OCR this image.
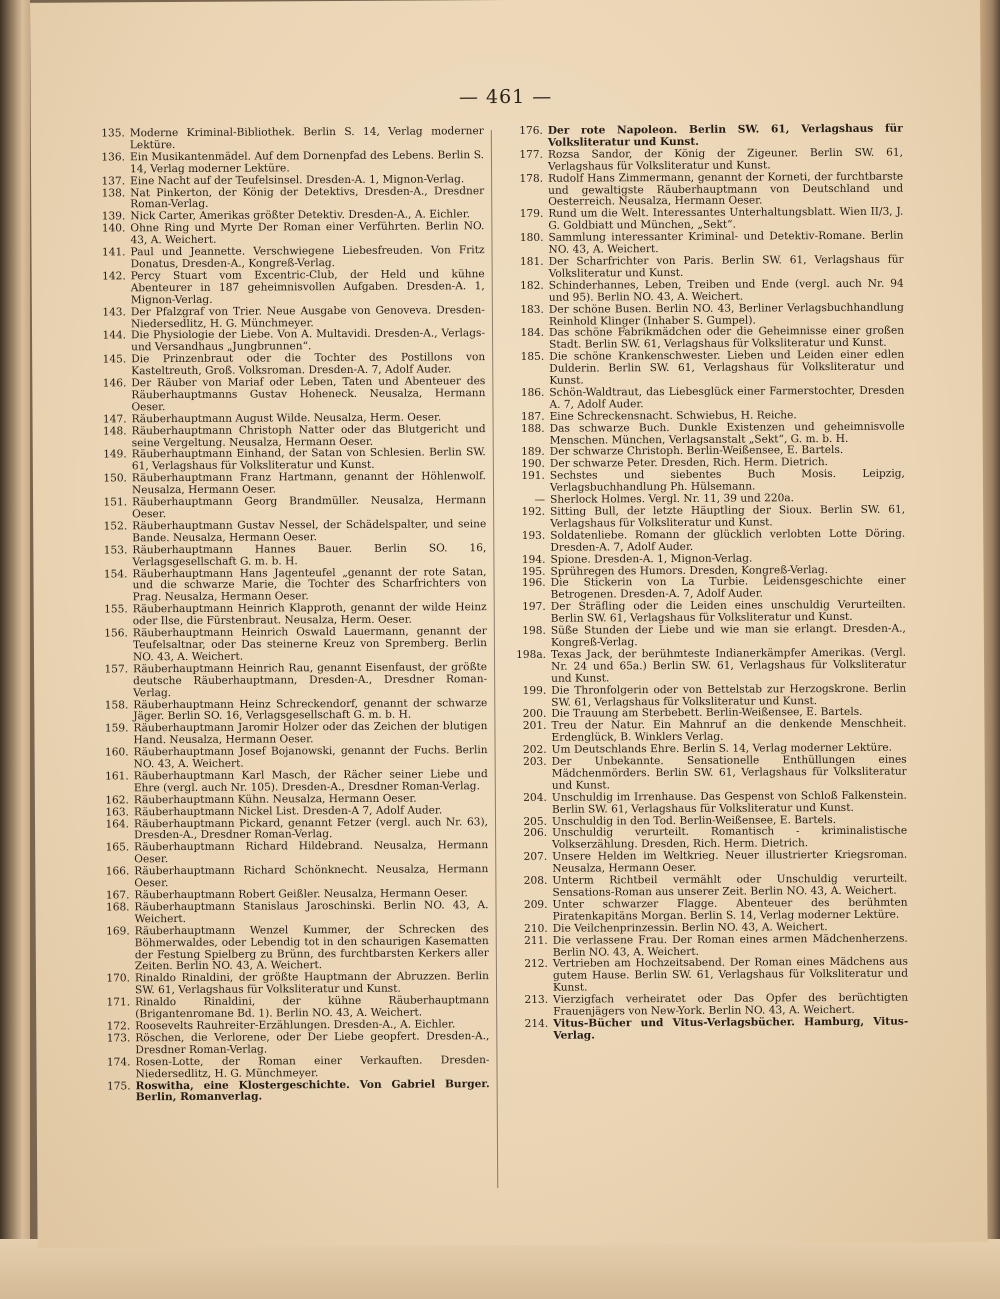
— 461 —
135. Moderne Kriminal-Bibliothek. Berlin S. 14, Verlag moderner Lektüre.
136. Ein Musikantenmädel. Auf dem Dornenpfad des Lebens. Berlin S. 14, Verlag moderner Lektüre.
137. Eine Nacht auf der Teufelsinsel. Dresden-A. 1, Mignon-Verlag.
138. Nat Pinkerton, der König der Detektivs, Dresden-A., Dresdner Roman-Verlag.
139. Nick Carter, Amerikas größter Detektiv. Dresden-A., A. Eichler.
140. Ohne Ring und Myrte Der Roman einer Verführten. Berlin NO. 43, A. Weichert.
141. Paul und Jeannette. Verschwiegene Liebesfreuden. Von Fritz Donatus, Dresden-A., Kongreß-Verlag.
142. Percy Stuart vom Excentric-Club, der Held und kühne Abenteurer in 187 geheimnisvollen Aufgaben. Dresden-A. 1, Mignon-Verlag.
143. Der Pfalzgraf von Trier. Neue Ausgabe von Genoveva. Dresden-Niedersedlitz, H. G. Münchmeyer.
144. Die Physiologie der Liebe. Von A. Multavidi. Dresden-A., Verlags- und Versandhaus „Jungbrunnen“.
145. Die Prinzenbraut oder die Tochter des Postillons von Kasteltreuth, Groß. Volksroman. Dresden-A. 7, Adolf Auder.
146. Der Räuber von Mariaf oder Leben, Taten und Abenteuer des Räuberhauptmanns Gustav Hoheneck. Neusalza, Hermann Oeser.
147. Räuberhauptmann August Wilde. Neusalza, Herm. Oeser.
148. Räuberhauptmann Christoph Natter oder das Blutgericht und seine Vergeltung. Neusalza, Hermann Oeser.
149. Räuberhauptmann Einhand, der Satan von Schlesien. Berlin SW. 61, Verlagshaus für Volksliteratur und Kunst.
150. Räuberhauptmann Franz Hartmann, genannt der Höhlenwolf. Neusalza, Hermann Oeser.
151. Räuberhauptmann Georg Brandmüller. Neusalza, Hermann Oeser.
152. Räuberhauptmann Gustav Nessel, der Schädelspalter, und seine Bande. Neusalza, Hermann Oeser.
153. Räuberhauptmann Hannes Bauer. Berlin SO. 16, Verlagsgesellschaft G. m. b. H.
154. Räuberhauptmann Hans Jagenteufel „genannt der rote Satan, und die schwarze Marie, die Tochter des Scharfrichters von Prag. Neusalza, Hermann Oeser.
155. Räuberhauptmann Heinrich Klapproth, genannt der wilde Heinz oder Ilse, die Fürstenbraut. Neusalza, Herm. Oeser.
156. Räuberhauptmann Heinrich Oswald Lauermann, genannt der Teufelsaltnar, oder Das steinerne Kreuz von Spremberg. Berlin NO. 43, A. Weichert.
157. Räuberhauptmann Heinrich Rau, genannt Eisenfaust, der größte deutsche Räuberhauptmann, Dresden-A., Dresdner Roman-Verlag.
158. Räuberhauptmann Heinz Schreckendorf, genannt der schwarze Jäger. Berlin SO. 16, Verlagsgesellschaft G. m. b. H.
159. Räuberhauptmann Jaromir Holzer oder das Zeichen der blutigen Hand. Neusalza, Hermann Oeser.
160. Räuberhauptmann Josef Bojanowski, genannt der Fuchs. Berlin NO. 43, A. Weichert.
161. Räuberhauptmann Karl Masch, der Rächer seiner Liebe und Ehre (vergl. auch Nr. 105). Dresden-A., Dresdner Roman-Verlag.
162. Räuberhauptmann Kühn. Neusalza, Hermann Oeser.
163. Räuberhauptmann Nickel List. Dresden-A 7, Adolf Auder.
164. Räuberhauptmann Pickard, genannt Fetzer (vergl. auch Nr. 63), Dresden-A., Dresdner Roman-Verlag.
165. Räuberhauptmann Richard Hildebrand. Neusalza, Hermann Oeser.
166. Räuberhauptmann Richard Schönknecht. Neusalza, Hermann Oeser.
167. Räuberhauptmann Robert Geißler. Neusalza, Hermann Oeser.
168. Räuberhauptmann Stanislaus Jaroschinski. Berlin NO. 43, A. Weichert.
169. Räuberhauptmann Wenzel Kummer, der Schrecken des Böhmerwaldes, oder Lebendig tot in den schaurigen Kasematten der Festung Spielberg zu Brünn, des furchtbarsten Kerkers aller Zeiten. Berlin NO. 43, A. Weichert.
170. Rinaldo Rinaldini, der größte Hauptmann der Abruzzen. Berlin SW. 61, Verlagshaus für Volksliteratur und Kunst.
171. Rinaldo Rinaldini, der kühne Räuberhauptmann (Brigantenromane Bd. 1). Berlin NO. 43, A. Weichert.
172. Roosevelts Rauhreiter-Erzählungen. Dresden-A., A. Eichler.
173. Röschen, die Verlorene, oder Der Liebe geopfert. Dresden-A., Dresdner Roman-Verlag.
174. Rosen-Lotte, der Roman einer Verkauften. Dresden-Niedersedlitz, H. G. Münchmeyer.
175. Roswitha, eine Klostergeschichte. Von Gabriel Burger. Berlin, Romanverlag.
176. Der rote Napoleon. Berlin SW. 61, Verlagshaus für Volksliteratur und Kunst.
177. Rozsa Sandor, der König der Zigeuner. Berlin SW. 61, Verlagshaus für Volksliteratur und Kunst.
178. Rudolf Hans Zimmermann, genannt der Korneti, der furchtbarste und gewaltigste Räuberhauptmann von Deutschland und Oesterreich. Neusalza, Hermann Oeser.
179. Rund um die Welt. Interessantes Unterhaltungsblatt. Wien II/3, J. G. Goldbiatt und München, „Sekt“.
180. Sammlung interessanter Kriminal- und Detektiv-Romane. Berlin NO. 43, A. Weichert.
181. Der Scharfrichter von Paris. Berlin SW. 61, Verlagshaus für Volksliteratur und Kunst.
182. Schinderhannes, Leben, Treiben und Ende (vergl. auch Nr. 94 und 95). Berlin NO. 43, A. Weichert.
183. Der schöne Busen. Berlin NO. 43, Berliner Verlagsbuchhandlung Reinhold Klinger (Inhaber S. Gumpel).
184. Das schöne Fabrikmädchen oder die Geheimnisse einer großen Stadt. Berlin SW. 61, Verlagshaus für Volksliteratur und Kunst.
185. Die schöne Krankenschwester. Lieben und Leiden einer edlen Dulderin. Berlin SW. 61, Verlagshaus für Volksliteratur und Kunst.
186. Schön-Waldtraut, das Liebesglück einer Farmerstochter, Dresden A. 7, Adolf Auder.
187. Eine Schreckensnacht. Schwiebus, H. Reiche.
188. Das schwarze Buch. Dunkle Existenzen und geheimnisvolle Menschen. München, Verlagsanstalt „Sekt“, G. m. b. H.
189. Der schwarze Christoph. Berlin-Weißensee, E. Bartels.
190. Der schwarze Peter. Dresden, Rich. Herm. Dietrich.
191. Sechstes und siebentes Buch Mosis. Leipzig, Verlagsbuchhandlung Ph. Hülsemann.
— Sherlock Holmes. Vergl. Nr. 11, 39 und 220a.
192. Sitting Bull, der letzte Häuptling der Sioux. Berlin SW. 61, Verlagshaus für Volksliteratur und Kunst.
193. Soldatenliebe. Romann der glücklich verlobten Lotte Döring. Dresden-A. 7, Adolf Auder.
194. Spione. Dresden-A. 1, Mignon-Verlag.
195. Sprühregen des Humors. Dresden, Kongreß-Verlag.
196. Die Stickerin von La Turbie. Leidensgeschichte einer Betrogenen. Dresden-A. 7, Adolf Auder.
197. Der Sträfling oder die Leiden eines unschuldig Verurteilten. Berlin SW. 61, Verlagshaus für Volksliteratur und Kunst.
198. Süße Stunden der Liebe und wie man sie erlangt. Dresden-A., Kongreß-Verlag.
198a. Texas Jack, der berühmteste Indianerkämpfer Amerikas. (Vergl. Nr. 24 und 65a.) Berlin SW. 61, Verlagshaus für Volksliteratur und Kunst.
199. Die Thronfolgerin oder von Bettelstab zur Herzogskrone. Berlin SW. 61, Verlagshaus für Volksliteratur und Kunst.
200. Die Trauung am Sterbebett. Berlin-Weißensee, E. Bartels.
201. Treu der Natur. Ein Mahnruf an die denkende Menschheit. Erdenglück, B. Winklers Verlag.
202. Um Deutschlands Ehre. Berlin S. 14, Verlag moderner Lektüre.
203. Der Unbekannte. Sensationelle Enthüllungen eines Mädchenmörders. Berlin SW. 61, Verlagshaus für Volksliteratur und Kunst.
204. Unschuldig im Irrenhause. Das Gespenst von Schloß Falkenstein. Berlin SW. 61, Verlagshaus für Volksliteratur und Kunst.
205. Unschuldig in den Tod. Berlin-Weißensee, E. Bartels.
206. Unschuldig verurteilt. Romantisch - kriminalistische Volkserzählung. Dresden, Rich. Herm. Dietrich.
207. Unsere Helden im Weltkrieg. Neuer illustrierter Kriegsroman. Neusalza, Hermann Oeser.
208. Unterm Richtbeil vermählt oder Unschuldig verurteilt. Sensations-Roman aus unserer Zeit. Berlin NO. 43, A. Weichert.
209. Unter schwarzer Flagge. Abenteuer des berühmten Piratenkapitäns Morgan. Berlin S. 14, Verlag moderner Lektüre.
210. Die Veilchenprinzessin. Berlin NO. 43, A. Weichert.
211. Die verlassene Frau. Der Roman eines armen Mädchenherzens. Berlin NO. 43, A. Weichert.
212. Vertrieben am Hochzeitsabend. Der Roman eines Mädchens aus gutem Hause. Berlin SW. 61, Verlagshaus für Volksliteratur und Kunst.
213. Vierzigfach verheiratet oder Das Opfer des berüchtigten Frauenjägers von New-York. Berlin NO. 43, A. Weichert.
214. Vitus-Bücher und Vitus-Verlagsbücher. Hamburg, Vitus-Verlag.
